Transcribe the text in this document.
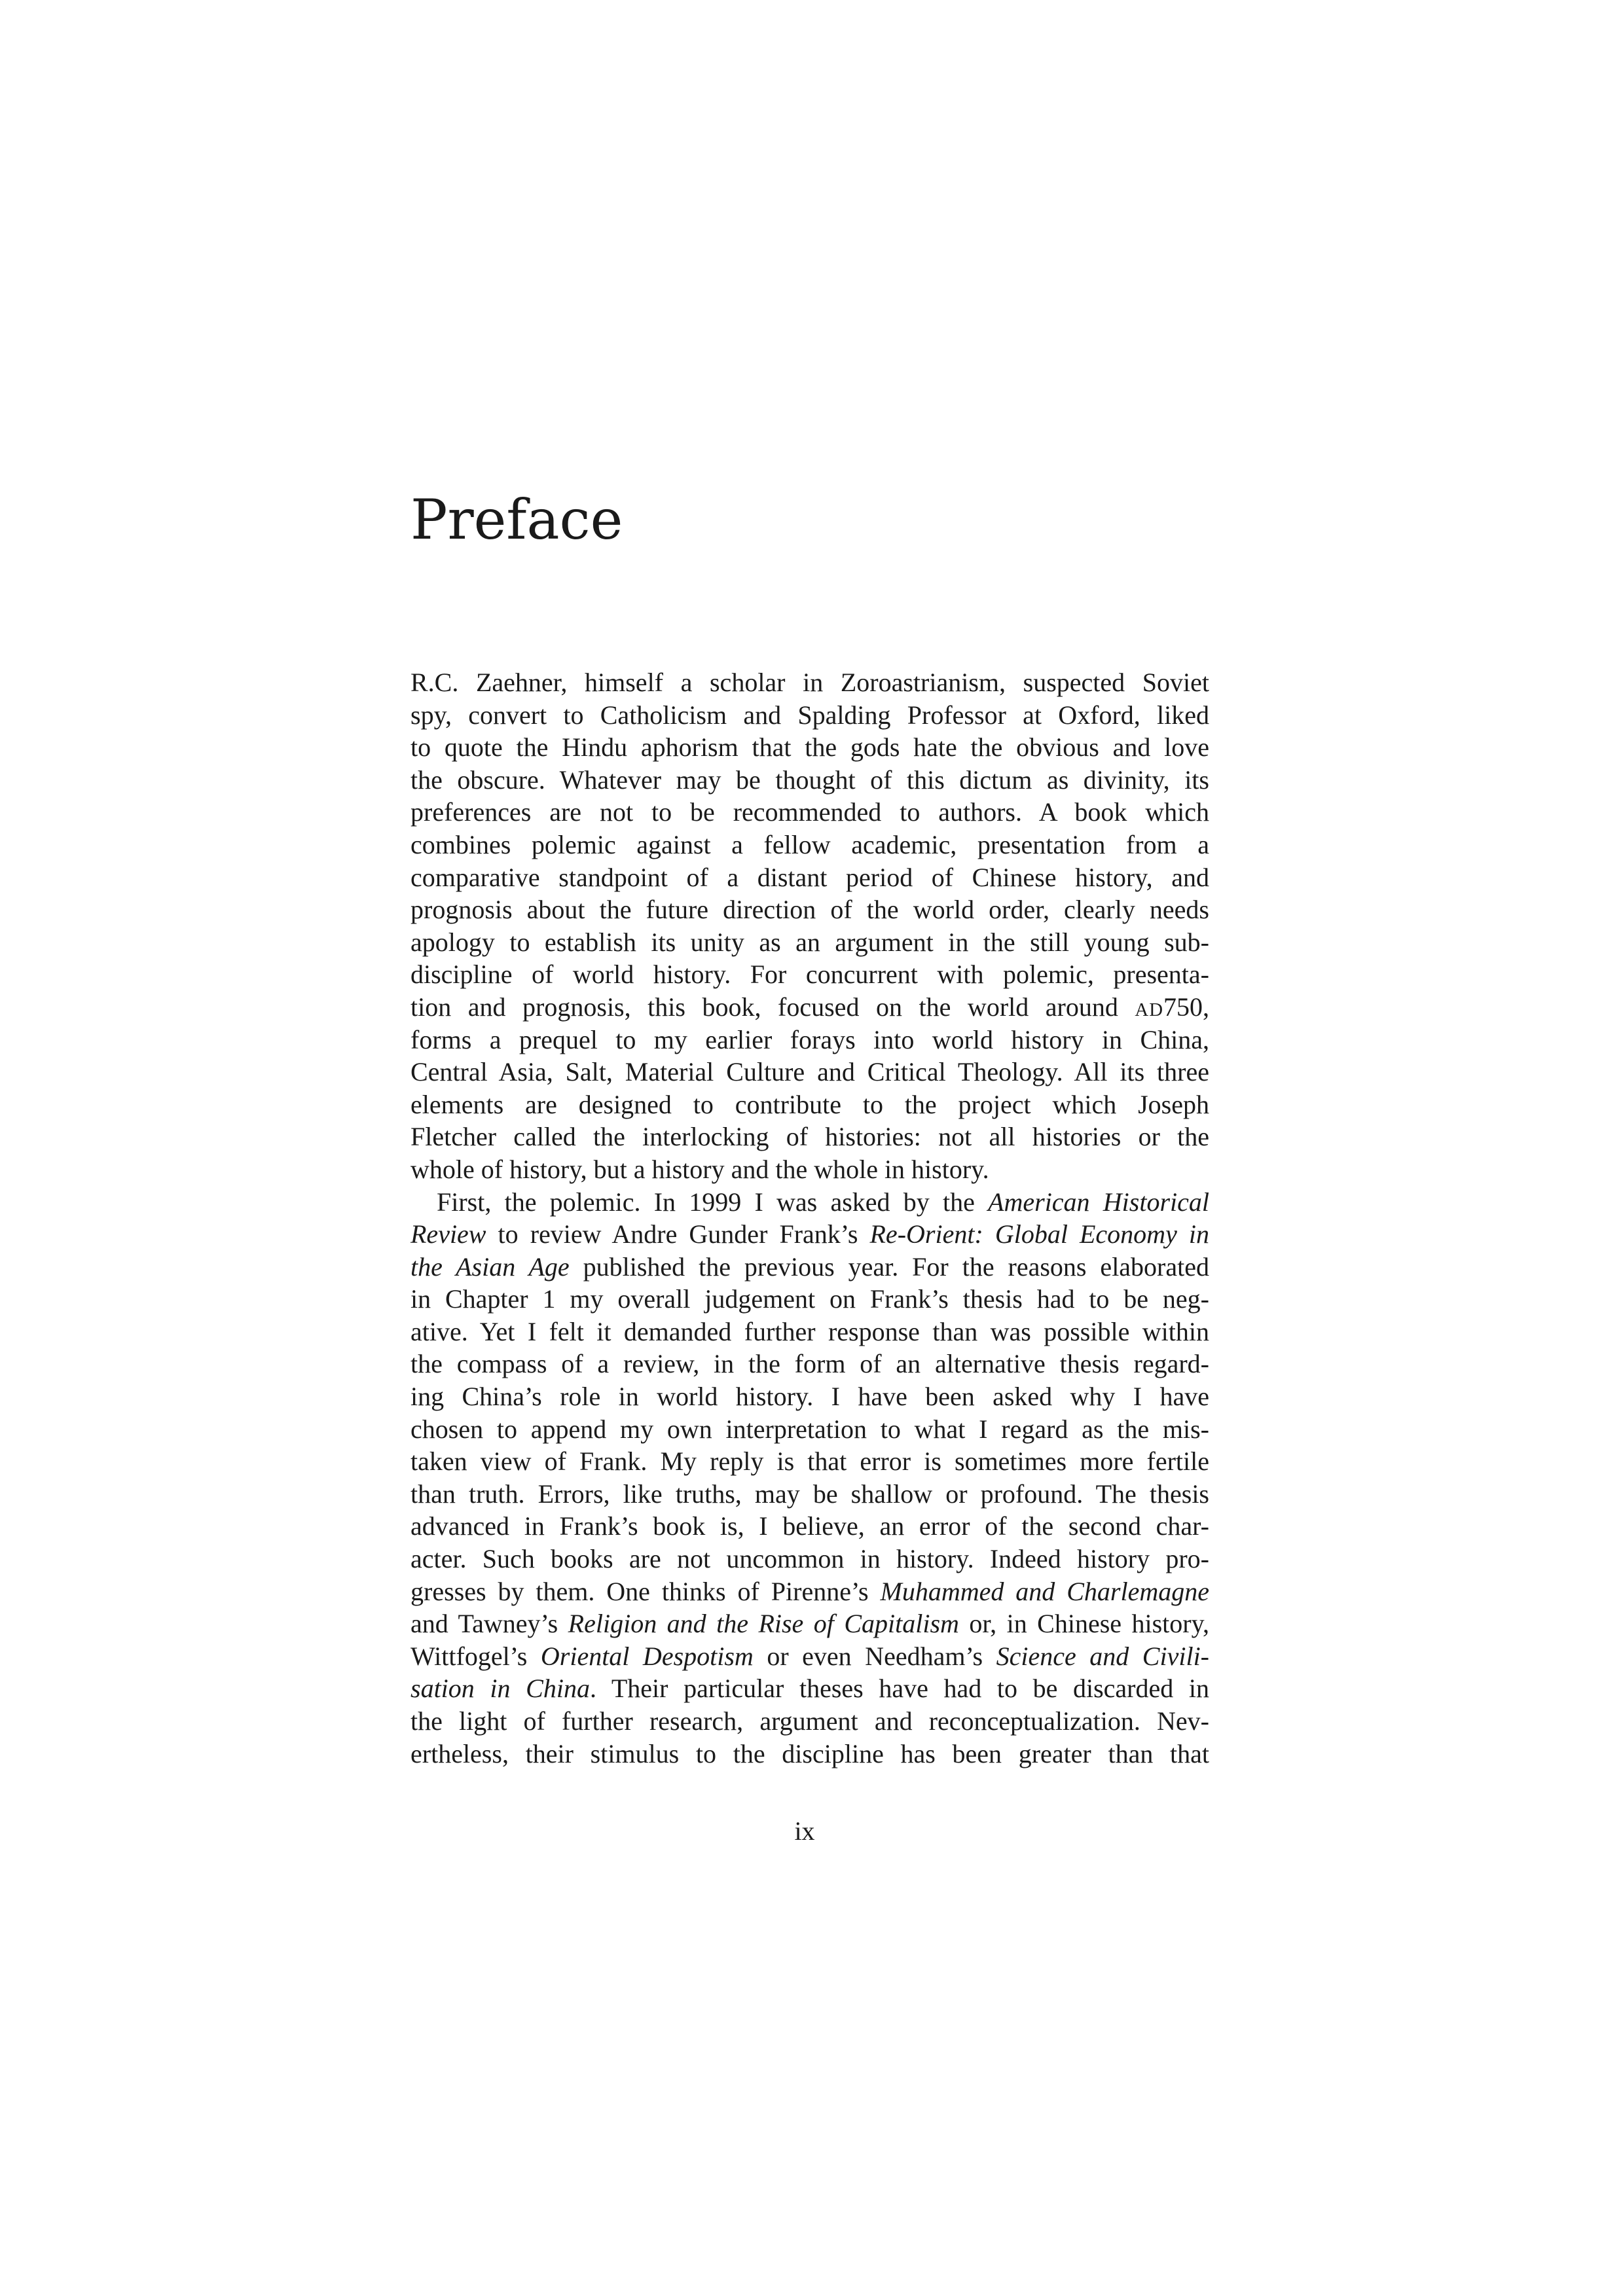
Preface
R.C. Zaehner, himself a scholar in Zoroastrianism, suspected Soviet
spy, convert to Catholicism and Spalding Professor at Oxford, liked
to quote the Hindu aphorism that the gods hate the obvious and love
the obscure. Whatever may be thought of this dictum as divinity, its
preferences are not to be recommended to authors. A book which
combines polemic against a fellow academic, presentation from a
comparative standpoint of a distant period of Chinese history, and
prognosis about the future direction of the world order, clearly needs
apology to establish its unity as an argument in the still young sub-
discipline of world history. For concurrent with polemic, presenta-
tion and prognosis, this book, focused on the world around AD750,
forms a prequel to my earlier forays into world history in China,
Central Asia, Salt, Material Culture and Critical Theology. All its three
elements are designed to contribute to the project which Joseph
Fletcher called the interlocking of histories: not all histories or the
whole of history, but a history and the whole in history.
First, the polemic. In 1999 I was asked by the American Historical
Review to review Andre Gunder Frank’s Re-Orient: Global Economy in
the Asian Age published the previous year. For the reasons elaborated
in Chapter 1 my overall judgement on Frank’s thesis had to be neg-
ative. Yet I felt it demanded further response than was possible within
the compass of a review, in the form of an alternative thesis regard-
ing China’s role in world history. I have been asked why I have
chosen to append my own interpretation to what I regard as the mis-
taken view of Frank. My reply is that error is sometimes more fertile
than truth. Errors, like truths, may be shallow or profound. The thesis
advanced in Frank’s book is, I believe, an error of the second char-
acter. Such books are not uncommon in history. Indeed history pro-
gresses by them. One thinks of Pirenne’s Muhammed and Charlemagne
and Tawney’s Religion and the Rise of Capitalism or, in Chinese history,
Wittfogel’s Oriental Despotism or even Needham’s Science and Civili-
sation in China. Their particular theses have had to be discarded in
the light of further research, argument and reconceptualization. Nev-
ertheless, their stimulus to the discipline has been greater than that
ix
